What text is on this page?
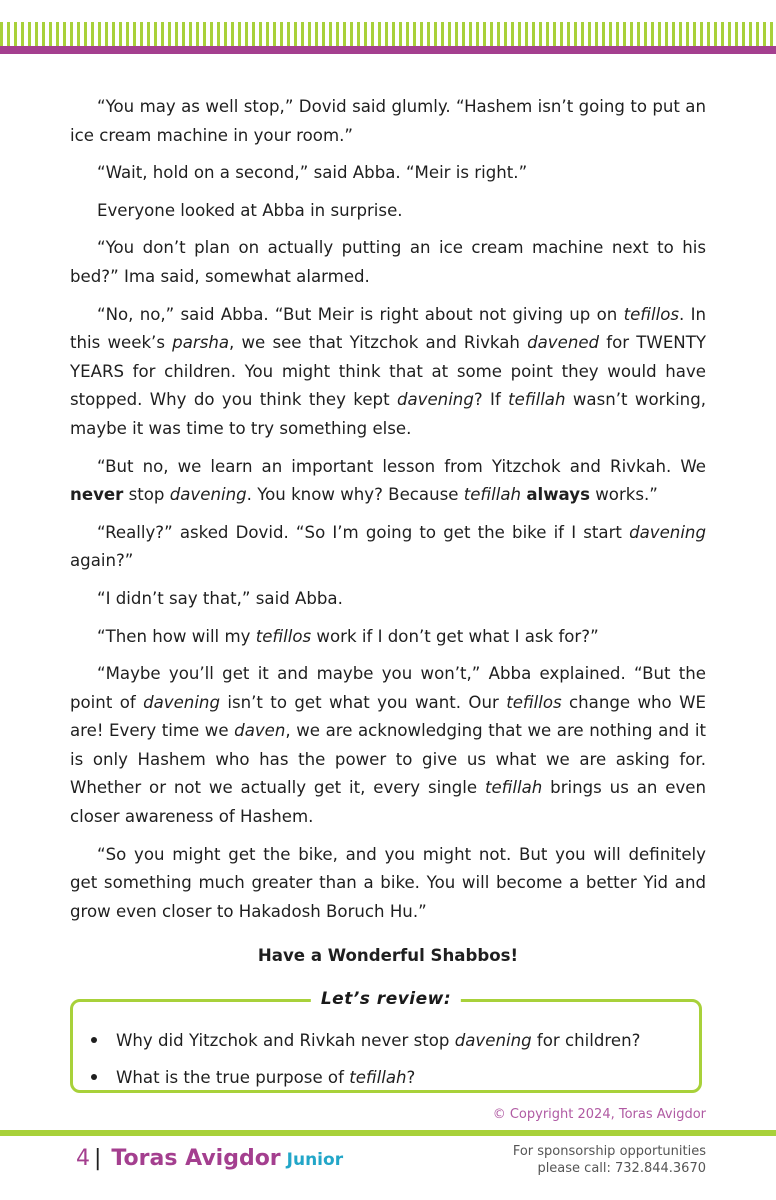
“You may as well stop,” Dovid said glumly. “Hashem isn’t going to put an ice cream machine in your room.”

“Wait, hold on a second,” said Abba. “Meir is right.”

Everyone looked at Abba in surprise.

“You don’t plan on actually putting an ice cream machine next to his bed?” Ima said, somewhat alarmed.

“No, no,” said Abba. “But Meir is right about not giving up on tefillos. In this week’s parsha, we see that Yitzchok and Rivkah davened for TWENTY YEARS for children. You might think that at some point they would have stopped. Why do you think they kept davening? If tefillah wasn’t working, maybe it was time to try something else.

“But no, we learn an important lesson from Yitzchok and Rivkah. We never stop davening. You know why? Because tefillah always works.”

“Really?” asked Dovid. “So I’m going to get the bike if I start davening again?”

“I didn’t say that,” said Abba.

“Then how will my tefillos work if I don’t get what I ask for?”

“Maybe you’ll get it and maybe you won’t,” Abba explained. “But the point of davening isn’t to get what you want. Our tefillos change who WE are! Every time we daven, we are acknowledging that we are nothing and it is only Hashem who has the power to give us what we are asking for. Whether or not we actually get it, every single tefillah brings us an even closer awareness of Hashem.

“So you might get the bike, and you might not. But you will definitely get something much greater than a bike. You will become a better Yid and grow even closer to Hakadosh Boruch Hu.”

Have a Wonderful Shabbos!
Let’s review:
Why did Yitzchok and Rivkah never stop davening for children?
What is the true purpose of tefillah?
© Copyright 2024, Toras Avigdor
4 | Toras Avigdor Junior	For sponsorship opportunities
please call: 732.844.3670
